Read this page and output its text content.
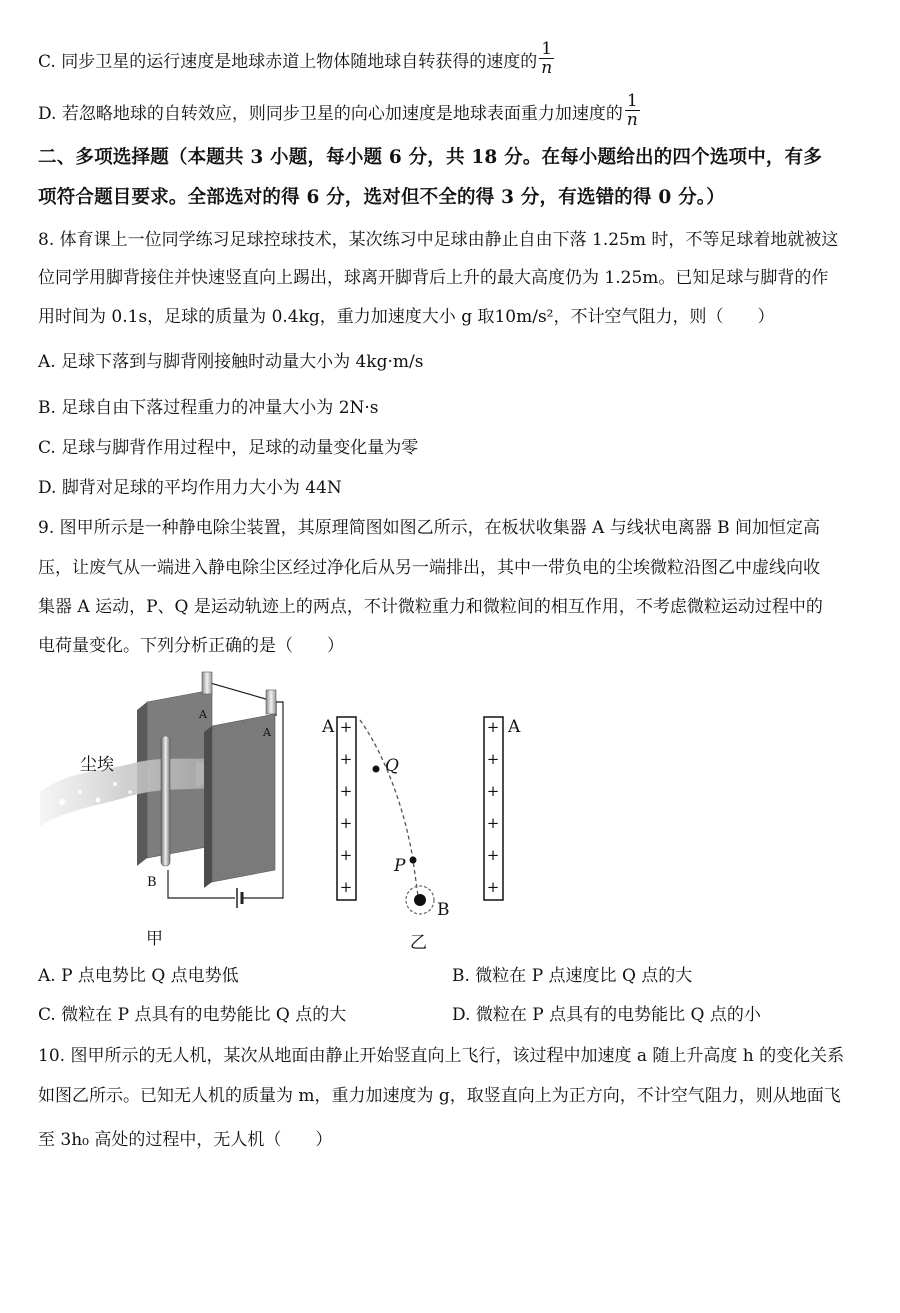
C. 同步卫星的运行速度是地球赤道上物体随地球自转获得的速度的 $\frac{1}{n}$
D. 若忽略地球的自转效应，则同步卫星的向心加速度是地球表面重力加速度的 $\frac{1}{n}$
二、多项选择题（本题共 3 小题，每小题 6 分，共 18 分。在每小题给出的四个选项中，有多
项符合题目要求。全部选对的得 6 分，选对但不全的得 3 分，有选错的得 0 分。）
8. 体育课上一位同学练习足球控球技术，某次练习中足球由静止自由下落 1.25m 时，不等足球着地就被这
位同学用脚背接住并快速竖直向上踢出，球离开脚背后上升的最大高度仍为 1.25m。已知足球与脚背的作
用时间为 0.1s，足球的质量为 0.4kg，重力加速度大小 g 取10m/s²，不计空气阻力，则（　　）
A. 足球下落到与脚背刚接触时动量大小为 4kg·m/s
B. 足球自由下落过程重力的冲量大小为 2N·s
C. 足球与脚背作用过程中，足球的动量变化量为零
D. 脚背对足球的平均作用力大小为 44N
9. 图甲所示是一种静电除尘装置，其原理简图如图乙所示，在板状收集器 A 与线状电离器 B 间加恒定高
压，让废气从一端进入静电除尘区经过净化后从另一端排出，其中一带负电的尘埃微粒沿图乙中虚线向收
集器 A 运动，P、Q 是运动轨迹上的两点，不计微粒重力和微粒间的相互作用，不考虑微粒运动过程中的
电荷量变化。下列分析正确的是（　　）
A
尘埃
B
A
甲
A +
+
+
+
+
+
Q
P
B
+
+
+
+
+
+
A
乙
A. P 点电势比 Q 点电势低	B. 微粒在 P 点速度比 Q 点的大
C. 微粒在 P 点具有的电势能比 Q 点的大	D. 微粒在 P 点具有的电势能比 Q 点的小
10. 图甲所示的无人机，某次从地面由静止开始竖直向上飞行，该过程中加速度 a 随上升高度 h 的变化关系
如图乙所示。已知无人机的质量为 m，重力加速度为 g，取竖直向上为正方向，不计空气阻力，则从地面飞
至 3h₀ 高处的过程中，无人机（　　）
